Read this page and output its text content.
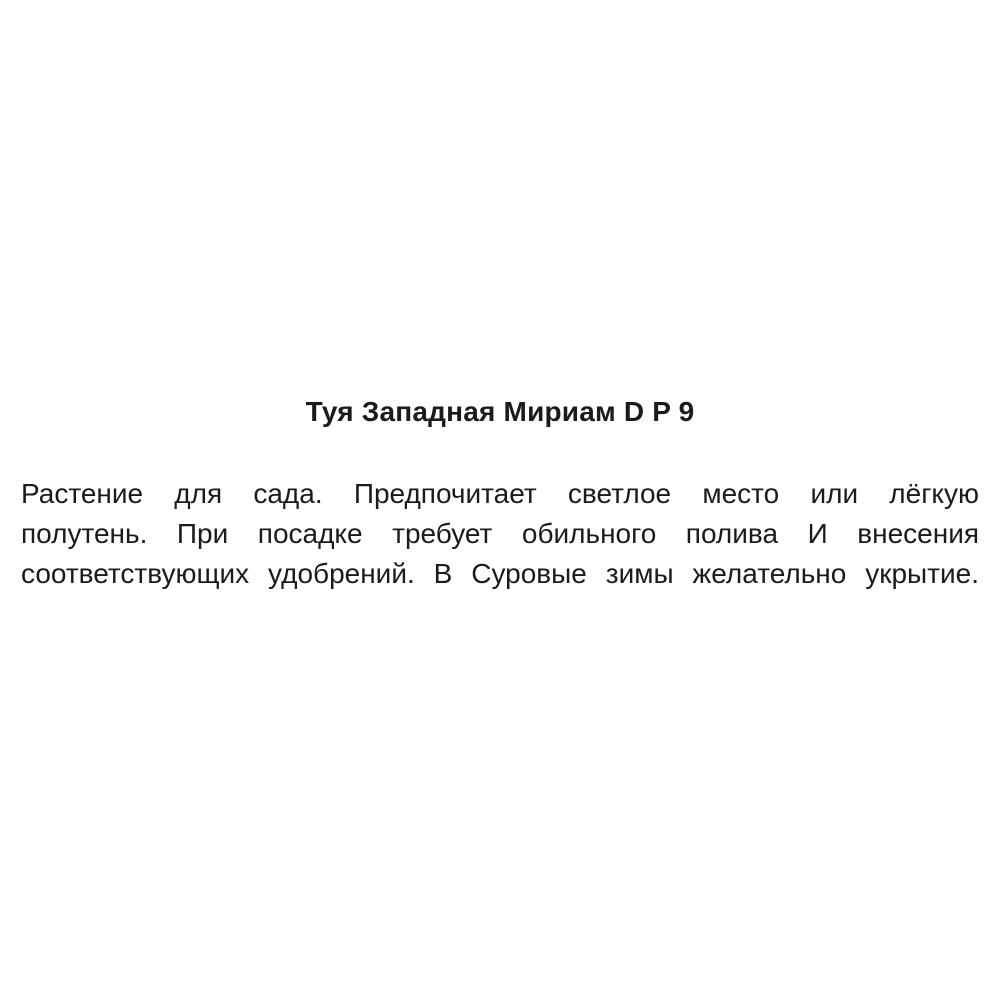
Туя Западная Мириам D P 9
Растение для сада. Предпочитает светлое место или лёгкую
полутень. При посадке требует обильного полива И внесения
соответствующих удобрений. В Суровые зимы желательно укрытие.
